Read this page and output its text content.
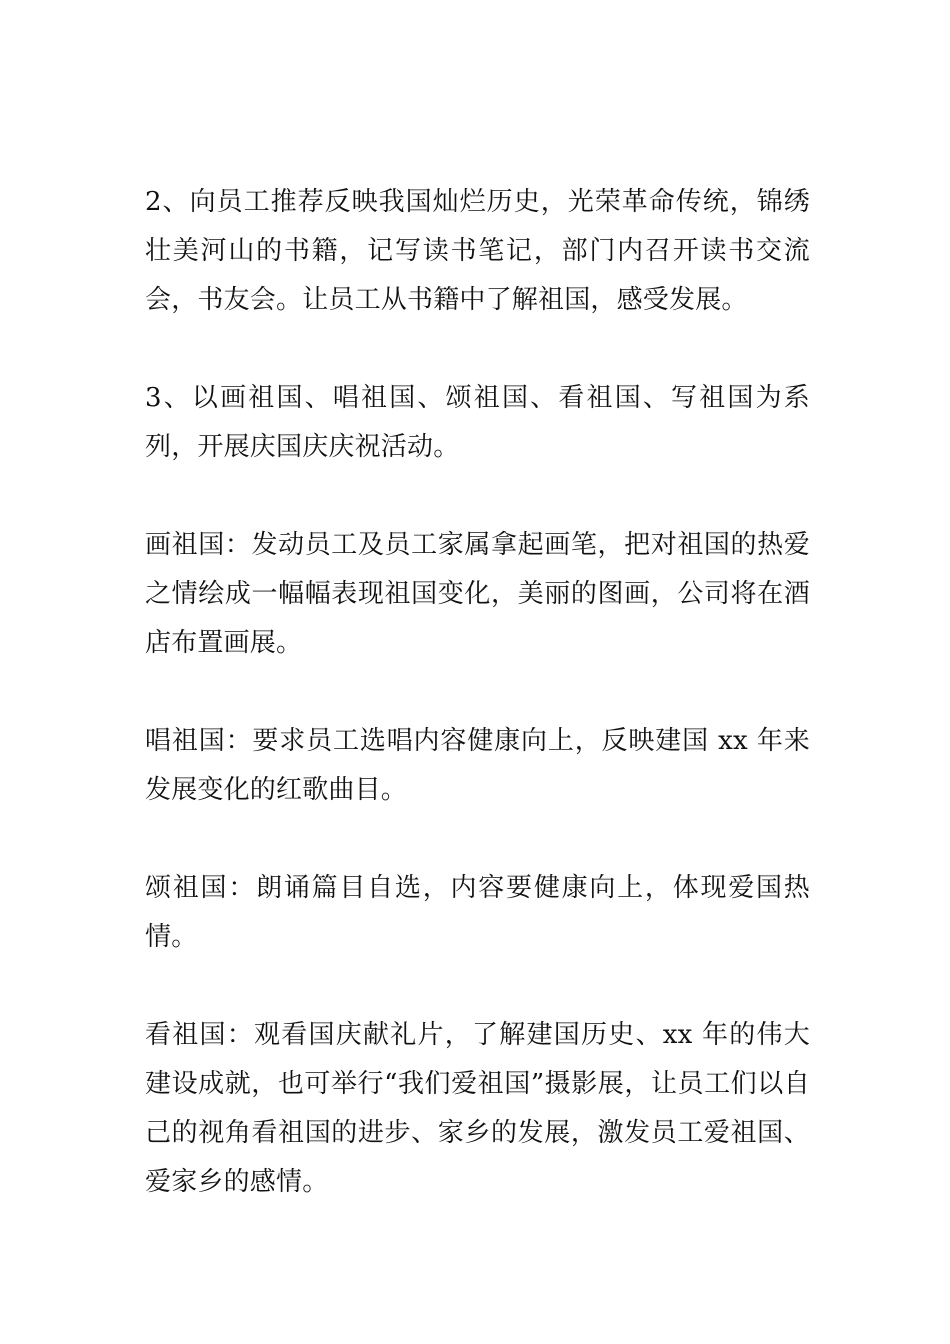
2、向员工推荐反映我国灿烂历史，光荣革命传统，锦绣壮美河山的书籍，记写读书笔记，部门内召开读书交流会，书友会。让员工从书籍中了解祖国，感受发展。

3、以画祖国、唱祖国、颂祖国、看祖国、写祖国为系列，开展庆国庆庆祝活动。

画祖国：发动员工及员工家属拿起画笔，把对祖国的热爱之情绘成一幅幅表现祖国变化，美丽的图画，公司将在酒店布置画展。

唱祖国：要求员工选唱内容健康向上，反映建国 xx 年来发展变化的红歌曲目。

颂祖国：朗诵篇目自选，内容要健康向上，体现爱国热情。

看祖国：观看国庆献礼片，了解建国历史、xx 年的伟大建设成就，也可举行“我们爱祖国”摄影展，让员工们以自己的视角看祖国的进步、家乡的发展，激发员工爱祖国、爱家乡的感情。
